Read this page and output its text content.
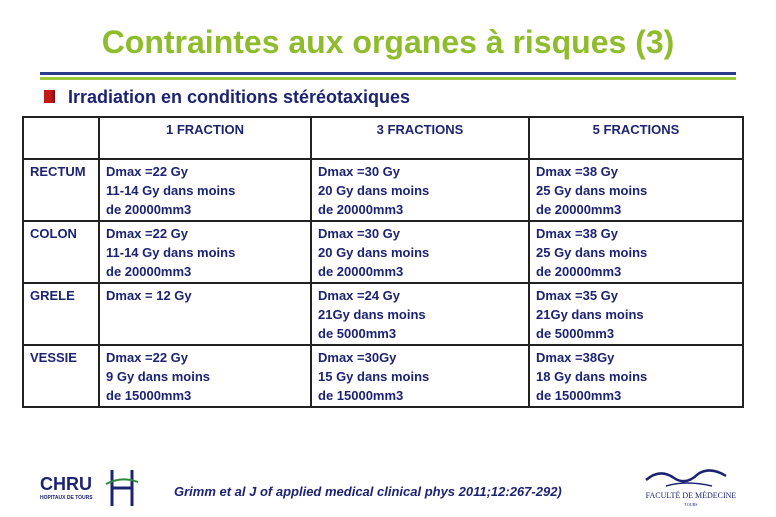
Contraintes aux organes à risques (3)
Irradiation en conditions stéréotaxiques
	1 FRACTION	3 FRACTIONS	5 FRACTIONS
RECTUM	Dmax =22 Gy
11-14 Gy dans moins
de 20000mm3	Dmax =30 Gy
20 Gy dans moins
de 20000mm3	Dmax =38 Gy
25 Gy dans moins
de 20000mm3

COLON	Dmax =22 Gy
11-14 Gy dans moins
de 20000mm3	Dmax =30 Gy
20 Gy dans moins
de 20000mm3	Dmax =38 Gy
25 Gy dans moins
de 20000mm3

GRELE	Dmax = 12 Gy	Dmax =24 Gy
21Gy dans moins
de 5000mm3	Dmax =35 Gy
21Gy dans moins
de 5000mm3

VESSIE	Dmax =22 Gy
9 Gy dans moins
de 15000mm3	Dmax =30Gy
15 Gy dans moins
de 15000mm3	Dmax =38Gy
18 Gy dans moins
de 15000mm3
Grimm et al J of applied medical clinical phys 2011;12:267-292)
CHRU
HOPITAUX DE TOURS	FACULTÉ DE MÉDECINE
TOURS
